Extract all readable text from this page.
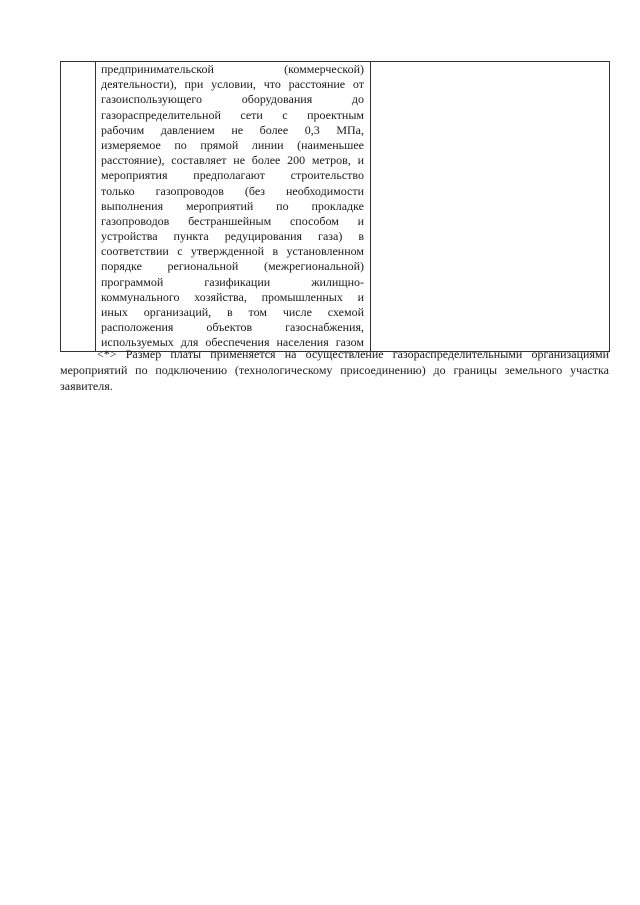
предпринимательской (коммерческой)
деятельности), при условии, что расстояние от
газоиспользующего оборудования до
газораспределительной сети с проектным
рабочим давлением не более 0,3 МПа,
измеряемое по прямой линии (наименьшее
расстояние), составляет не более 200 метров, и
мероприятия предполагают строительство
только газопроводов (без необходимости
выполнения мероприятий по прокладке
газопроводов бестраншейным способом и
устройства пункта редуцирования газа) в
соответствии с утвержденной в установленном
порядке региональной (межрегиональной)
программой газификации жилищно-
коммунального хозяйства, промышленных и
иных организаций, в том числе схемой
расположения объектов газоснабжения,
используемых для обеспечения населения газом

<*> Размер платы применяется на осуществление газораспределительными организациями
мероприятий по подключению (технологическому присоединению) до границы земельного участка
заявителя.
